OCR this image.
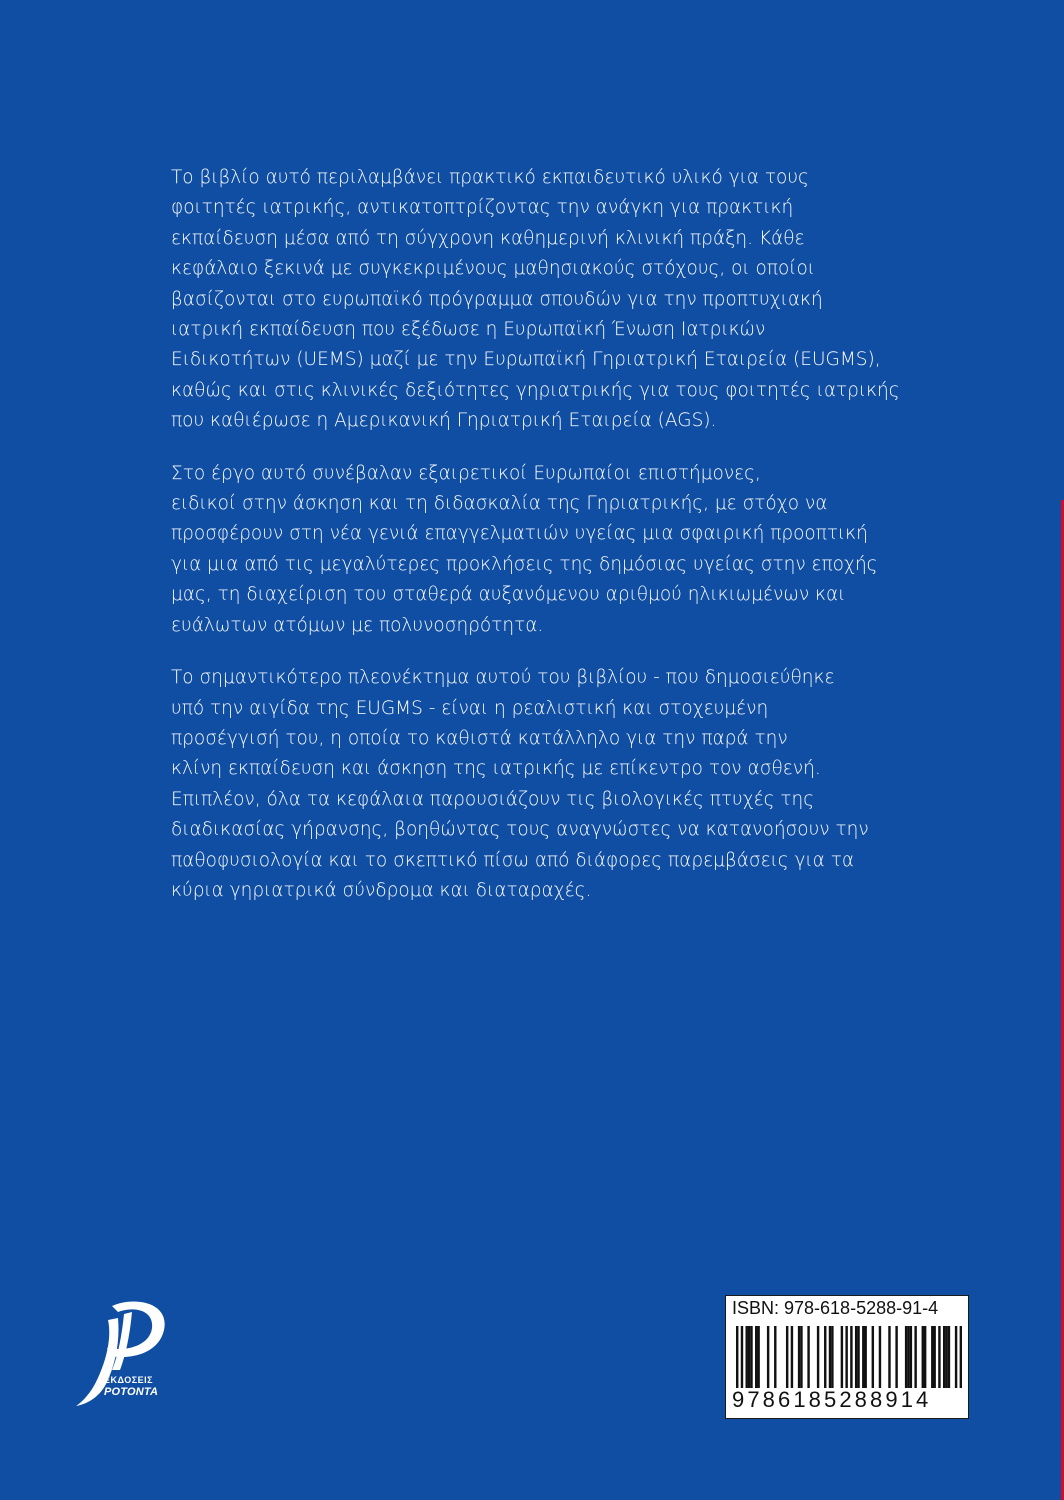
Το βιβλίο αυτό περιλαμβάνει πρακτικό εκπαιδευτικό υλικό για τους
φοιτητές ιατρικής, αντικατοπτρίζοντας την ανάγκη για πρακτική
εκπαίδευση μέσα από τη σύγχρονη καθημερινή κλινική πράξη. Κάθε
κεφάλαιο ξεκινά με συγκεκριμένους μαθησιακούς στόχους, οι οποίοι
βασίζονται στο ευρωπαϊκό πρόγραμμα σπουδών για την προπτυχιακή
ιατρική εκπαίδευση που εξέδωσε η Ευρωπαϊκή Ένωση Ιατρικών
Ειδικοτήτων (UEMS) μαζί με την Ευρωπαϊκή Γηριατρική Εταιρεία (EUGMS),
καθώς και στις κλινικές δεξιότητες γηριατρικής για τους φοιτητές ιατρικής
που καθιέρωσε η Αμερικανική Γηριατρική Εταιρεία (AGS).

Στο έργο αυτό συνέβαλαν εξαιρετικοί Ευρωπαίοι επιστήμονες,
ειδικοί στην άσκηση και τη διδασκαλία της Γηριατρικής, με στόχο να
προσφέρουν στη νέα γενιά επαγγελματιών υγείας μια σφαιρική προοπτική
για μια από τις μεγαλύτερες προκλήσεις της δημόσιας υγείας στην εποχής
μας, τη διαχείριση του σταθερά αυξανόμενου αριθμού ηλικιωμένων και
ευάλωτων ατόμων με πολυνοσηρότητα.

Το σημαντικότερο πλεονέκτημα αυτού του βιβλίου - που δημοσιεύθηκε
υπό την αιγίδα της EUGMS - είναι η ρεαλιστική και στοχευμένη
προσέγγισή του, η οποία το καθιστά κατάλληλο για την παρά την
κλίνη εκπαίδευση και άσκηση της ιατρικής με επίκεντρο τον ασθενή.
Επιπλέον, όλα τα κεφάλαια παρουσιάζουν τις βιολογικές πτυχές της
διαδικασίας γήρανσης, βοηθώντας τους αναγνώστες να κατανοήσουν την
παθοφυσιολογία και το σκεπτικό πίσω από διάφορες παρεμβάσεις για τα
κύρια γηριατρικά σύνδρομα και διαταραχές.

ΕΚΔΟΣΕΙΣ
ΡΟΤΟΝΤΑ
ISBN: 978-618-5288-91-4
9786185288914
